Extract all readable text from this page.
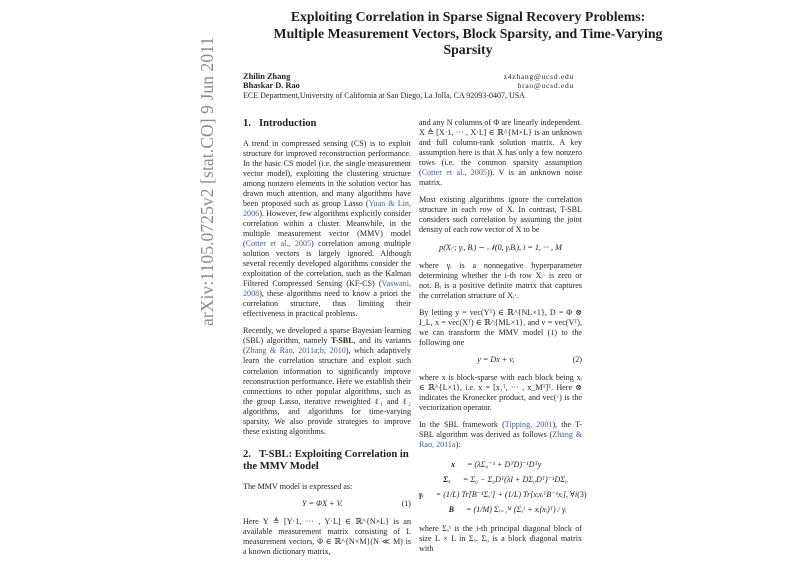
arXiv:1105.0725v2 [stat.CO] 9 Jun 2011
Exploiting Correlation in Sparse Signal Recovery Problems:
Multiple Measurement Vectors, Block Sparsity, and Time-Varying
Sparsity
Zhilin Zhang	z4zhang@ucsd.edu
Bhaskar D. Rao	brao@ucsd.edu
ECE Department,University of California at San Diego, La Jolla, CA 92093-0407, USA
1. Introduction

A trend in compressed sensing (CS) is to exploit structure for improved reconstruction performance. In the basic CS model (i.e. the single measurement vector model), exploiting the clustering structure among nonzero elements in the solution vector has drawn much attention, and many algorithms have been proposed such as group Lasso (Yuan & Lin, 2006). However, few algorithms explicitly consider correlation within a cluster. Meanwhile, in the multiple measurement vector (MMV) model (Cotter et al., 2005) correlation among multiple solution vectors is largely ignored. Although several recently developed algorithms consider the exploitation of the correlation, such as the Kalman Filtered Compressed Sensing (KF-CS) (Vaswani, 2008), these algorithms need to know a priori the correlation structure, thus limiting their effectiveness in practical problems.

Recently, we developed a sparse Bayesian learning (SBL) algorithm, namely T-SBL, and its variants (Zhang & Rao, 2011a;b; 2010), which adaptively learn the correlation structure and exploit such correlation information to significantly improve reconstruction performance. Here we establish their connections to other popular algorithms, such as the group Lasso, iterative reweighted ℓ₁ and ℓ₂ algorithms, and algorithms for time-varying sparsity. We also provide strategies to improve these existing algorithms.

2. T-SBL: Exploiting Correlation in the MMV Model

The MMV model is expressed as:

Y = ΦX + V.	(1)

Here Y ≜ [Y·1, ··· , Y·L] ∈ ℝ^{N×L} is an available measurement matrix consisting of L measurement vectors, Φ ∈ ℝ^{N×M}(N ≪ M) is a known dictionary matrix,

and any N columns of Φ are linearly independent. X ≜ [X·1, ··· , X·L] ∈ ℝ^{M×L} is an unknown and full column-rank solution matrix. A key assumption here is that X has only a few nonzero rows (i.e. the common sparsity assumption (Cotter et al., 2005)). V is an unknown noise matrix.

Most existing algorithms ignore the correlation structure in each row of X. In contrast, T-SBL considers such correlation by assuming the joint density of each row vector of X to be

p(Xᵢ·; γᵢ, Bᵢ) ∼ 𝒩(0, γᵢBᵢ), i = 1, ··· , M

where γᵢ is a nonnegative hyperparameter determining whether the i-th row Xᵢ· is zero or not. Bᵢ is a positive definite matrix that captures the correlation structure of Xᵢ·.

By letting y = vec(Yᵀ) ∈ ℝ^{NL×1}, D = Φ ⊗ I_L, x = vec(Xᵀ) ∈ ℝ^{ML×1}, and v = vec(Vᵀ), we can transform the MMV model (1) to the following one

y = Dx + v,	(2)

where x is block-sparse with each block being xᵢ ∈ ℝ^{L×1}, i.e. x = [x₁ᵀ, ··· , x_Mᵀ]ᵀ. Here ⊗ indicates the Kronecker product, and vec(·) is the vectorization operator.

In the SBL framework (Tipping, 2001), the T-SBL algorithm was derived as follows (Zhang & Rao, 2011a):

x	= (λΣ₀⁻¹ + DᵀD)⁻¹Dᵀy
Σₓ	= Σ₀ − Σ₀Dᵀ(λI + DΣ₀Dᵀ)⁻¹DΣ₀
γᵢ	= (1/L) Tr[B⁻¹Σₓⁱ] + (1/L) Tr[xᵢxᵢᵀB⁻¹xᵢ], ∀i (3)
B	= (1/M) Σᵢ₌₁ᴹ (Σₓⁱ + xᵢ(xᵢ)ᵀ) / γᵢ

where Σₓⁱ is the i-th principal diagonal block of size L × L in Σₓ. Σ₀ is a block diagonal matrix with
